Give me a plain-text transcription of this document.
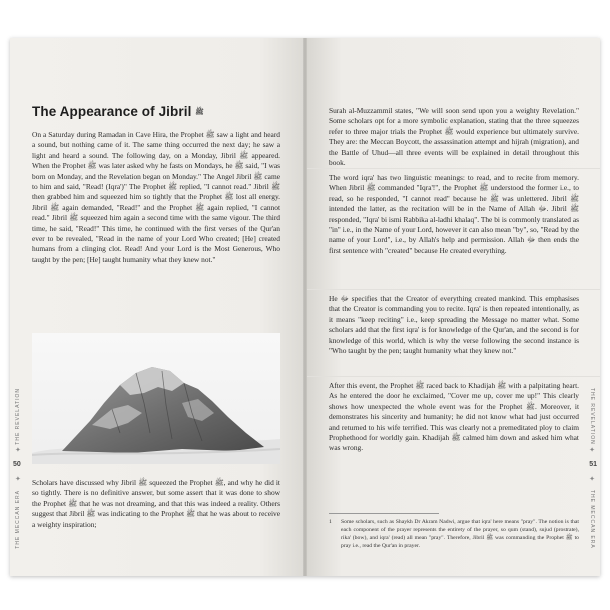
The Appearance of Jibril ﷺ

On a Saturday during Ramadan in Cave Hira, the Prophet ﷺ saw a light and heard a sound, but nothing came of it. The same thing occurred the next day; he saw a light and heard a sound. The following day, on a Monday, Jibril ﷺ appeared. When the Prophet ﷺ was later asked why he fasts on Mondays, he ﷺ said, "I was born on Monday, and the Revelation began on Monday." The Angel Jibril ﷺ came to him and said, "Read! (Iqra')" The Prophet ﷺ replied, "I cannot read." Jibril ﷺ then grabbed him and squeezed him so tightly that the Prophet ﷺ lost all energy. Jibril ﷺ again demanded, "Read!" and the Prophet ﷺ again replied, "I cannot read." Jibril ﷺ squeezed him again a second time with the same vigour. The third time, he said, "Read!" This time, he continued with the first verses of the Qur'an ever to be revealed, "Read in the name of your Lord Who created; [He] created humans from a clinging clot. Read! And your Lord is the Most Generous, Who taught by the pen; [He] taught humanity what they knew not."

Scholars have discussed why Jibril ﷺ squeezed the Prophet ﷺ, and why he did it so tightly. There is no definitive answer, but some assert that it was done to show the Prophet ﷺ that he was not dreaming, and that this was indeed a reality. Others suggest that Jibril ﷺ was indicating to the Prophet ﷺ that he was about to receive a weighty inspiration;

THE REVELATION
✦
50
✦
THE MECCAN ERA

Surah al-Muzzammil states, "We will soon send upon you a weighty Revelation." Some scholars opt for a more symbolic explanation, stating that the three squeezes refer to three major trials the Prophet ﷺ would experience but ultimately survive. They are: the Meccan Boycott, the assassination attempt and hijrah (migration), and the Battle of Uhud—all three events will be explained in detail throughout this book.

The word iqra' has two linguistic meanings: to read, and to recite from memory. When Jibril ﷺ commanded "Iqra'!", the Prophet ﷺ understood the former i.e., to read, so he responded, "I cannot read" because he ﷺ was unlettered. Jibril ﷺ intended the latter, as the recitation will be in the Name of Allah ﷻ. Jibril ﷺ responded, "Iqra' bi ismi Rabbika al-ladhi khalaq". The bi is commonly translated as "in" i.e., in the Name of your Lord, however it can also mean "by", so, "Read by the name of your Lord", i.e., by Allah's help and permission. Allah ﷻ then ends the first sentence with "created" because He created everything.

He ﷻ specifies that the Creator of everything created mankind. This emphasises that the Creator is commanding you to recite. Iqra' is then repeated intentionally, as it means "keep reciting" i.e., keep spreading the Message no matter what. Some scholars add that the first iqra' is for knowledge of the Qur'an, and the second is for knowledge of this world, which is why the verse following the second instance is "Who taught by the pen; taught humanity what they knew not."

After this event, the Prophet ﷺ raced back to Khadijah ﷺ with a palpitating heart. As he entered the door he exclaimed, "Cover me up, cover me up!" This clearly shows how unexpected the whole event was for the Prophet ﷺ. Moreover, it demonstrates his sincerity and humanity; he did not know what had just occurred and returned to his wife terrified. This was clearly not a premeditated ploy to claim Prophethood for worldly gain. Khadijah ﷺ calmed him down and asked him what was wrong.

1 Some scholars, such as Shaykh Dr Akram Nadwi, argue that iqra' here means "pray". The notion is that each component of the prayer represents the entirety of the prayer, so qum (stand), sujud (prostrate), rika' (bow), and iqra' (read) all mean "pray". Therefore, Jibril ﷺ was commanding the Prophet ﷺ to pray i.e., read the Qur'an in prayer.
THE REVELATION
✦
51
✦
THE MECCAN ERA
